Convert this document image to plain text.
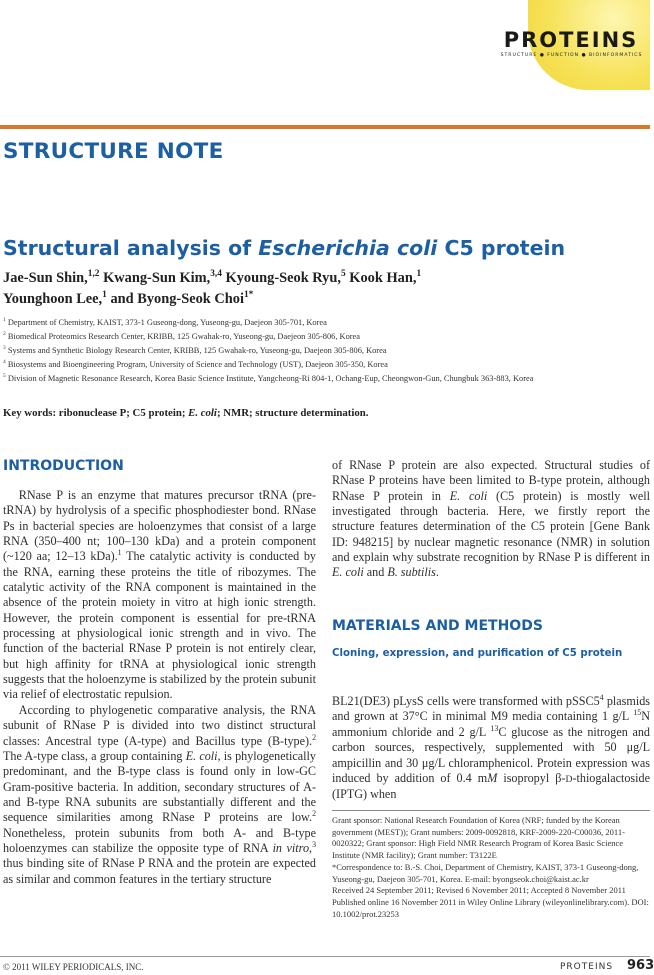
PROTEINS
STRUCTURE ● FUNCTION ● BIOINFORMATICS
STRUCTURE NOTE
Structural analysis of Escherichia coli C5 protein
Jae-Sun Shin,$^{1,2}$ Kwang-Sun Kim,$^{3,4}$ Kyoung-Seok Ryu,$^5$ Kook Han,$^1$
Younghoon Lee,$^1$ and Byong-Seok Choi$^{1*}$
$^1$ Department of Chemistry, KAIST, 373-1 Guseong-dong, Yuseong-gu, Daejeon 305-701, Korea
$^2$ Biomedical Proteomics Research Center, KRIBB, 125 Gwahak-ro, Yuseong-gu, Daejeon 305-806, Korea
$^3$ Systems and Synthetic Biology Research Center, KRIBB, 125 Gwahak-ro, Yuseong-gu, Daejeon 305-806, Korea
$^4$ Biosystems and Bioengineering Program, University of Science and Technology (UST), Daejeon 305-350, Korea
$^5$ Division of Magnetic Resonance Research, Korea Basic Science Institute, Yangcheong-Ri 804-1, Ochang-Eup, Cheongwon-Gun, Chungbuk 363-883, Korea
Key words: ribonuclease P; C5 protein; E. coli; NMR; structure determination.
INTRODUCTION

RNase P is an enzyme that matures precursor tRNA (pre-tRNA) by hydrolysis of a specific phosphodiester bond. RNase Ps in bacterial species are holoenzymes that consist of a large RNA (350–400 nt; 100–130 kDa) and a protein component (~120 aa; 12–13 kDa).$^1$ The catalytic activity is conducted by the RNA, earning these proteins the title of ribozymes. The catalytic activity of the RNA component is maintained in the absence of the protein moiety in vitro at high ionic strength. However, the protein component is essential for pre-tRNA processing at physiological ionic strength and in vivo. The function of the bacterial RNase P protein is not entirely clear, but high affinity for tRNA at physiological ionic strength suggests that the holoenzyme is stabilized by the protein subunit via relief of electrostatic repulsion.

According to phylogenetic comparative analysis, the RNA subunit of RNase P is divided into two distinct structural classes: Ancestral type (A-type) and Bacillus type (B-type).$^2$ The A-type class, a group containing E. coli, is phylogenetically predominant, and the B-type class is found only in low-GC Gram-positive bacteria. In addition, secondary structures of A- and B-type RNA subunits are substantially different and the sequence similarities among RNase P proteins are low.$^2$ Nonetheless, protein subunits from both A- and B-type holoenzymes can stabilize the opposite type of RNA in vitro,$^3$ thus binding site of RNase P RNA and the protein are expected as similar and common features in the tertiary structure

of RNase P protein are also expected. Structural studies of RNase P proteins have been limited to B-type protein, although RNase P protein in E. coli (C5 protein) is mostly well investigated through bacteria. Here, we firstly report the structure features determination of the C5 protein [Gene Bank ID: 948215] by nuclear magnetic resonance (NMR) in solution and explain why substrate recognition by RNase P is different in E. coli and B. subtilis.
MATERIALS AND METHODS
Cloning, expression, and purification of C5 protein

BL21(DE3) pLysS cells were transformed with $pSSC5^4$ plasmids and grown at 37°C in minimal M9 media containing 1 g/L $^{15}$N ammonium chloride and 2 g/L $^{13}$C glucose as the nitrogen and carbon sources, respectively, supplemented with 50 μg/L ampicillin and 30 μg/L chloramphenicol. Protein expression was induced by addition of 0.4 mM isopropyl β-D-thiogalactoside (IPTG) when

Grant sponsor: National Research Foundation of Korea (NRF; funded by the Korean government (MEST)); Grant numbers: 2009-0092818, KRF-2009-220-C00036, 2011-0020322; Grant sponsor: High Field NMR Research Program of Korea Basic Science Institute (NMR facility); Grant number: T3122E

*Correspondence to: B.-S. Choi, Department of Chemistry, KAIST, 373-1 Guseong-dong, Yuseong-gu, Daejeon 305-701, Korea. E-mail: byongseok.choi@kaist.ac.kr

Received 24 September 2011; Revised 6 November 2011; Accepted 8 November 2011

Published online 16 November 2011 in Wiley Online Library (wileyonlinelibrary.com). DOI: 10.1002/prot.23253

© 2011 WILEY PERIODICALS, INC.	PROTEINS 963
